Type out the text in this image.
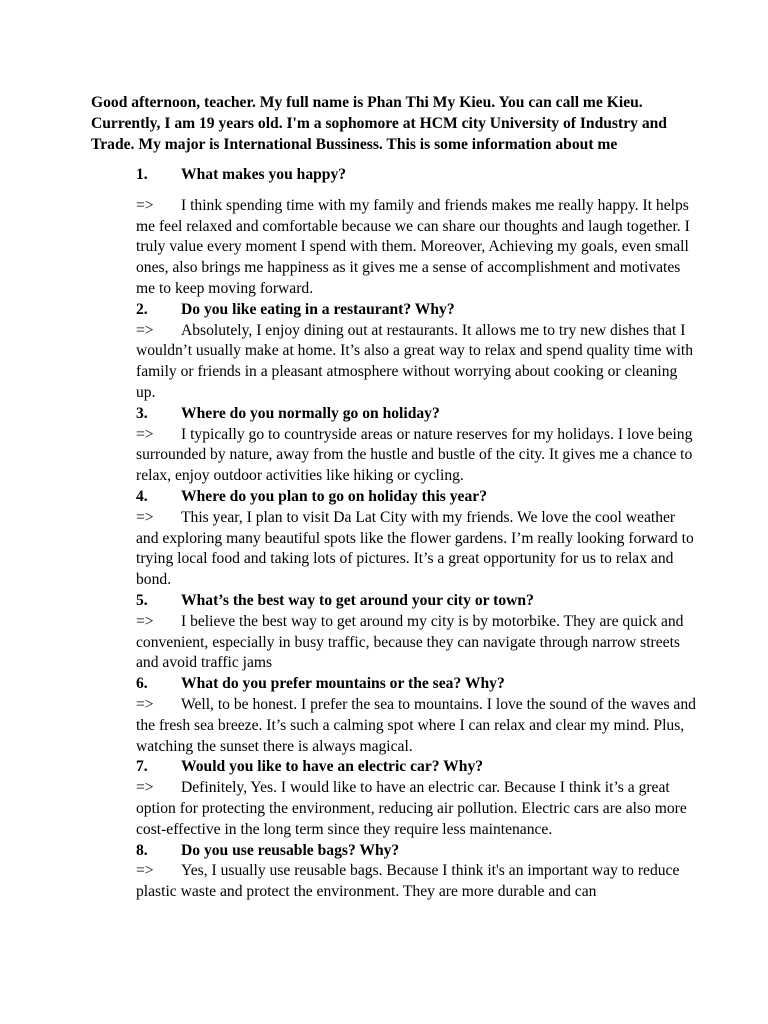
Good afternoon, teacher. My full name is Phan Thi My Kieu. You can call me Kieu. Currently, I am 19 years old. I'm a sophomore at HCM city University of Industry and Trade. My major is International Bussiness. This is some information about me

1. What makes you happy?

=> I think spending time with my family and friends makes me really happy. It helps me feel relaxed and comfortable because we can share our thoughts and laugh together. I truly value every moment I spend with them. Moreover, Achieving my goals, even small ones, also brings me happiness as it gives me a sense of accomplishment and motivates me to keep moving forward.

2. Do you like eating in a restaurant? Why?

=> Absolutely, I enjoy dining out at restaurants. It allows me to try new dishes that I wouldn’t usually make at home. It’s also a great way to relax and spend quality time with family or friends in a pleasant atmosphere without worrying about cooking or cleaning up.

3. Where do you normally go on holiday?

=> I typically go to countryside areas or nature reserves for my holidays. I love being surrounded by nature, away from the hustle and bustle of the city. It gives me a chance to relax, enjoy outdoor activities like hiking or cycling.

4. Where do you plan to go on holiday this year?

=> This year, I plan to visit Da Lat City with my friends. We love the cool weather and exploring many beautiful spots like the flower gardens. I’m really looking forward to trying local food and taking lots of pictures. It’s a great opportunity for us to relax and bond.

5. What’s the best way to get around your city or town?

=> I believe the best way to get around my city is by motorbike. They are quick and convenient, especially in busy traffic, because they can navigate through narrow streets and avoid traffic jams

6. What do you prefer mountains or the sea? Why?

=> Well, to be honest. I prefer the sea to mountains. I love the sound of the waves and the fresh sea breeze. It’s such a calming spot where I can relax and clear my mind. Plus, watching the sunset there is always magical.

7. Would you like to have an electric car? Why?

=> Definitely, Yes. I would like to have an electric car. Because I think it’s a great option for protecting the environment, reducing air pollution. Electric cars are also more cost-effective in the long term since they require less maintenance.

8. Do you use reusable bags? Why?

=> Yes, I usually use reusable bags. Because I think it's an important way to reduce plastic waste and protect the environment. They are more durable and can
